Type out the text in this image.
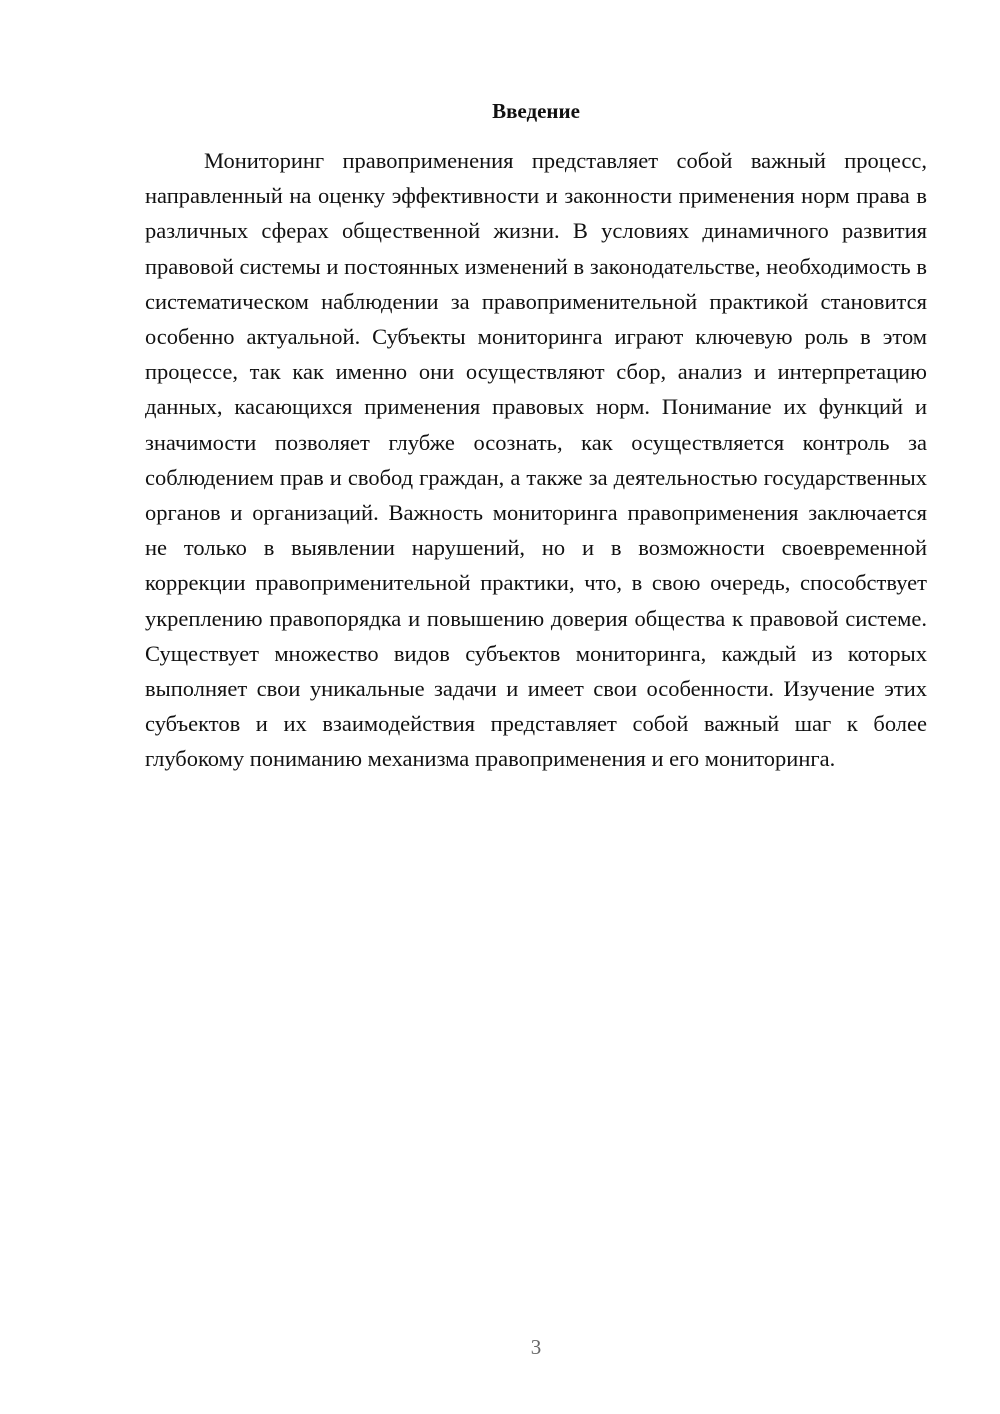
Введение

Мониторинг правоприменения представляет собой важный процесс, направленный на оценку эффективности и законности применения норм права в различных сферах общественной жизни. В условиях динамичного развития правовой системы и постоянных изменений в законодательстве, необходимость в систематическом наблюдении за правоприменительной практикой становится особенно актуальной. Субъекты мониторинга играют ключевую роль в этом процессе, так как именно они осуществляют сбор, анализ и интерпретацию данных, касающихся применения правовых норм. Понимание их функций и значимости позволяет глубже осознать, как осуществляется контроль за соблюдением прав и свобод граждан, а также за деятельностью государственных органов и организаций. Важность мониторинга правоприменения заключается не только в выявлении нарушений, но и в возможности своевременной коррекции правоприменительной практики, что, в свою очередь, способствует укреплению правопорядка и повышению доверия общества к правовой системе. Существует множество видов субъектов мониторинга, каждый из которых выполняет свои уникальные задачи и имеет свои особенности. Изучение этих субъектов и их взаимодействия представляет собой важный шаг к более глубокому пониманию механизма правоприменения и его мониторинга.

3
